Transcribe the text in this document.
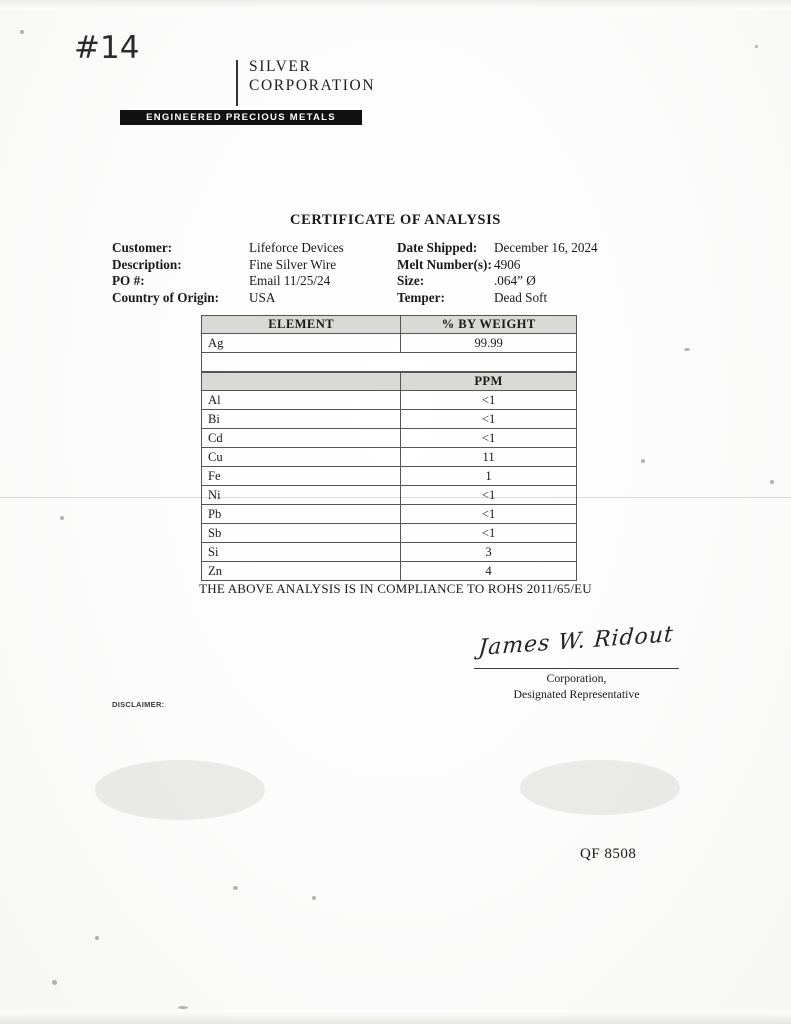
#14
SILVER
CORPORATION
ENGINEERED PRECIOUS METALS
CERTIFICATE OF ANALYSIS
Customer:	Lifeforce Devices	Date Shipped:	December 16, 2024
Description:	Fine Silver Wire	Melt Number(s): 4906
PO #:	Email 11/25/24	Size:	.064” Ø
Country of Origin:	USA	Temper:	Dead Soft
ELEMENT	% BY WEIGHT
Ag	99.99

	PPM
Al	<1
Bi	<1
Cd	<1
Cu	11
Fe	1
Ni	<1
Pb	<1
Sb	<1
Si	3
Zn	4
THE ABOVE ANALYSIS IS IN COMPLIANCE TO ROHS 2011/65/EU
James W. Ridout
Corporation,
Designated Representative
DISCLAIMER:
QF 8508
